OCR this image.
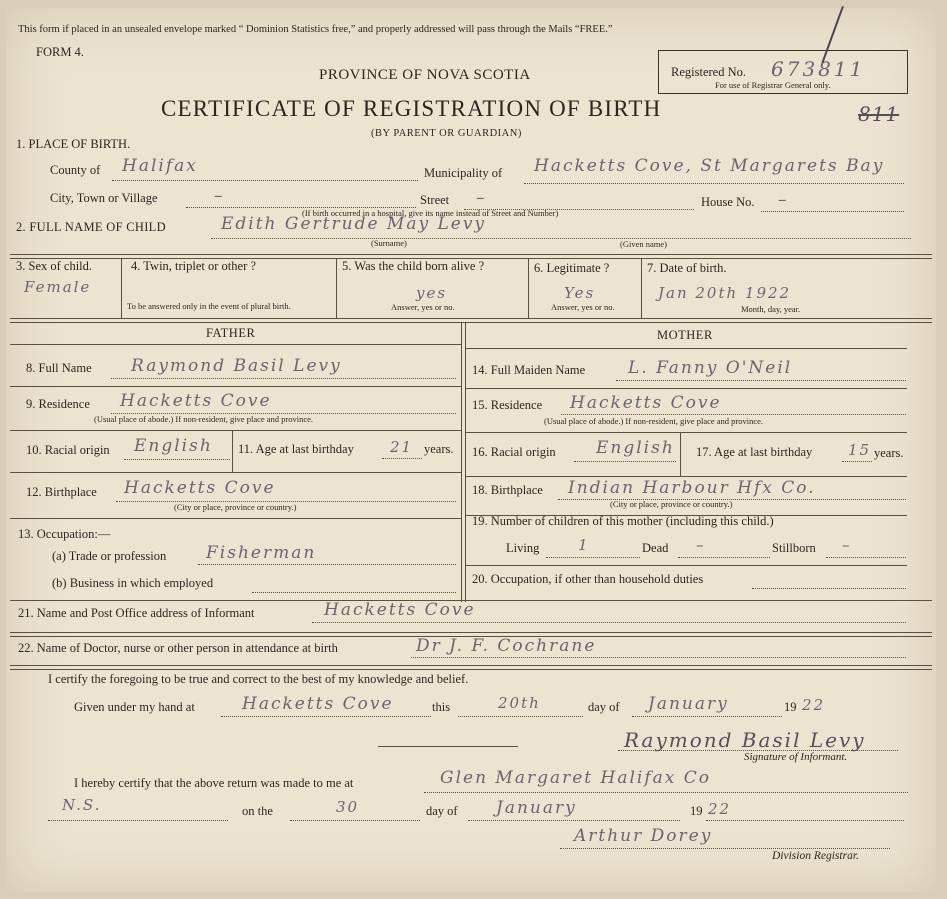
This form if placed in an unsealed envelope marked “ Dominion Statistics free,” and properly addressed will pass through the Mails “FREE.”
FORM 4.
PROVINCE OF NOVA SCOTIA
CERTIFICATE OF REGISTRATION OF BIRTH
(BY PARENT OR GUARDIAN)
Registered No. 673811
For use of Registrar General only.
811
1. PLACE OF BIRTH.
County of Halifax	Municipality of Hacketts Cove, St Margarets Bay
City, Town or Village	–	Street –	House No. –
(If birth occurred in a hospital, give its name instead of Street and Number)
2. FULL NAME OF CHILD	Edith Gertrude May Levy
(Surname)	(Given name)
3. Sex of child.
Female
4. Twin, triplet or other ?
To be answered only in the event of plural birth.
5. Was the child born alive ?
yes
Answer, yes or no.
6. Legitimate ?
Yes
Answer, yes or no.
7. Date of birth.
Jan 20th 1922
Month, day, year.
FATHER	MOTHER
8. Full Name Raymond Basil Levy
9. Residence Hacketts Cove
(Usual place of abode.) If non-resident, give place and province.
10. Racial origin English 11. Age at last birthday 21 years.
12. Birthplace Hacketts Cove
(City or place, province or country.)
13. Occupation:—
(a) Trade or profession Fisherman
(b) Business in which employed
14. Full Maiden Name	L. Fanny O'Neil
15. Residence Hacketts Cove
(Usual place of abode.) If non-resident, give place and province.
16. Racial origin English 17. Age at last birthday 15 years.
18. Birthplace Indian Harbour Hfx Co.
(City or place, province or country.)
19. Number of children of this mother (including this child.)
Living	1	Dead –	Stillborn –
20. Occupation, if other than household duties
21. Name and Post Office address of Informant	Hacketts Cove
22. Name of Doctor, nurse or other person in attendance at birth	Dr J. F. Cochrane
I certify the foregoing to be true and correct to the best of my knowledge and belief.
Given under my hand at	Hacketts Cove	this	20th	day of January	19 22
Raymond Basil Levy
Signature of Informant.
I hereby certify that the above return was made to me at	Glen Margaret Halifax Co
N.S.	on the	30	day of January	19 22
Arthur Dorey
Division Registrar.
